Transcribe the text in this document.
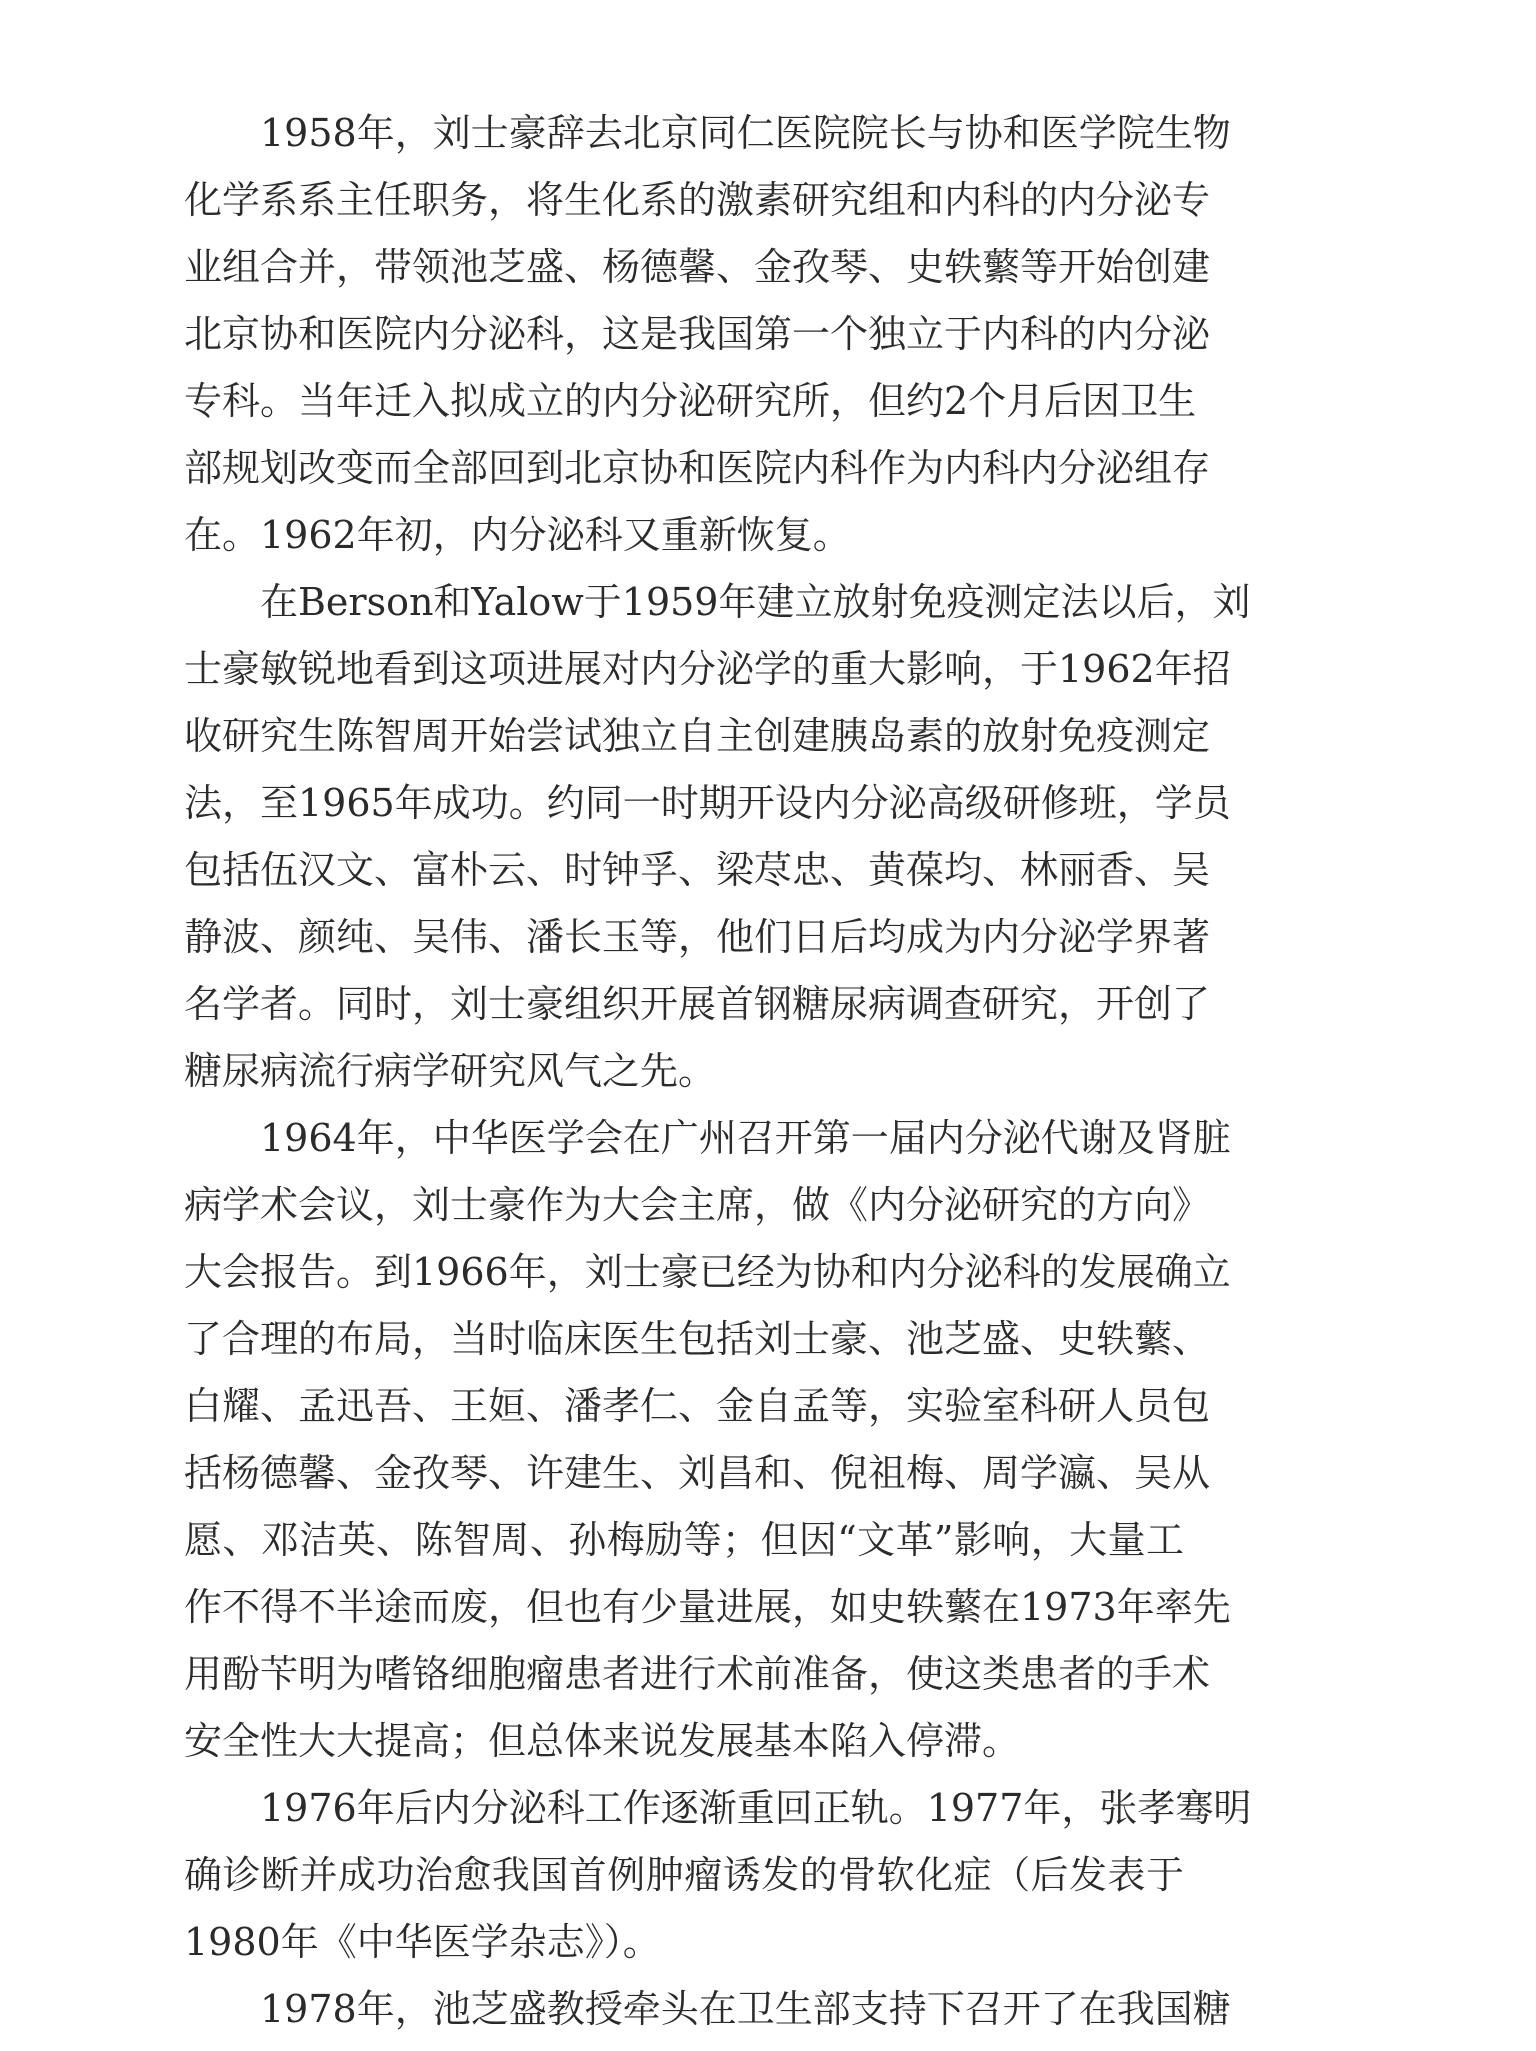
1958年，刘士豪辞去北京同仁医院院长与协和医学院生物
化学系系主任职务，将生化系的激素研究组和内科的内分泌专
业组合并，带领池芝盛、杨德馨、金孜琴、史轶蘩等开始创建
北京协和医院内分泌科，这是我国第一个独立于内科的内分泌
专科。当年迁入拟成立的内分泌研究所，但约2个月后因卫生
部规划改变而全部回到北京协和医院内科作为内科内分泌组存
在。1962年初，内分泌科又重新恢复。
在Berson和Yalow于1959年建立放射免疫测定法以后，刘
士豪敏锐地看到这项进展对内分泌学的重大影响，于1962年招
收研究生陈智周开始尝试独立自主创建胰岛素的放射免疫测定
法，至1965年成功。约同一时期开设内分泌高级研修班，学员
包括伍汉文、富朴云、时钟孚、梁荩忠、黄葆均、林丽香、吴
静波、颜纯、吴伟、潘长玉等，他们日后均成为内分泌学界著
名学者。同时，刘士豪组织开展首钢糖尿病调查研究，开创了
糖尿病流行病学研究风气之先。
1964年，中华医学会在广州召开第一届内分泌代谢及肾脏
病学术会议，刘士豪作为大会主席，做《内分泌研究的方向》
大会报告。到1966年，刘士豪已经为协和内分泌科的发展确立
了合理的布局，当时临床医生包括刘士豪、池芝盛、史轶蘩、
白耀、孟迅吾、王姮、潘孝仁、金自孟等，实验室科研人员包
括杨德馨、金孜琴、许建生、刘昌和、倪祖梅、周学瀛、吴从
愿、邓洁英、陈智周、孙梅励等；但因“文革”影响，大量工
作不得不半途而废，但也有少量进展，如史轶蘩在1973年率先
用酚苄明为嗜铬细胞瘤患者进行术前准备，使这类患者的手术
安全性大大提高；但总体来说发展基本陷入停滞。
1976年后内分泌科工作逐渐重回正轨。1977年，张孝骞明
确诊断并成功治愈我国首例肿瘤诱发的骨软化症（后发表于
1980年《中华医学杂志》）。
1978年，池芝盛教授牵头在卫生部支持下召开了在我国糖
